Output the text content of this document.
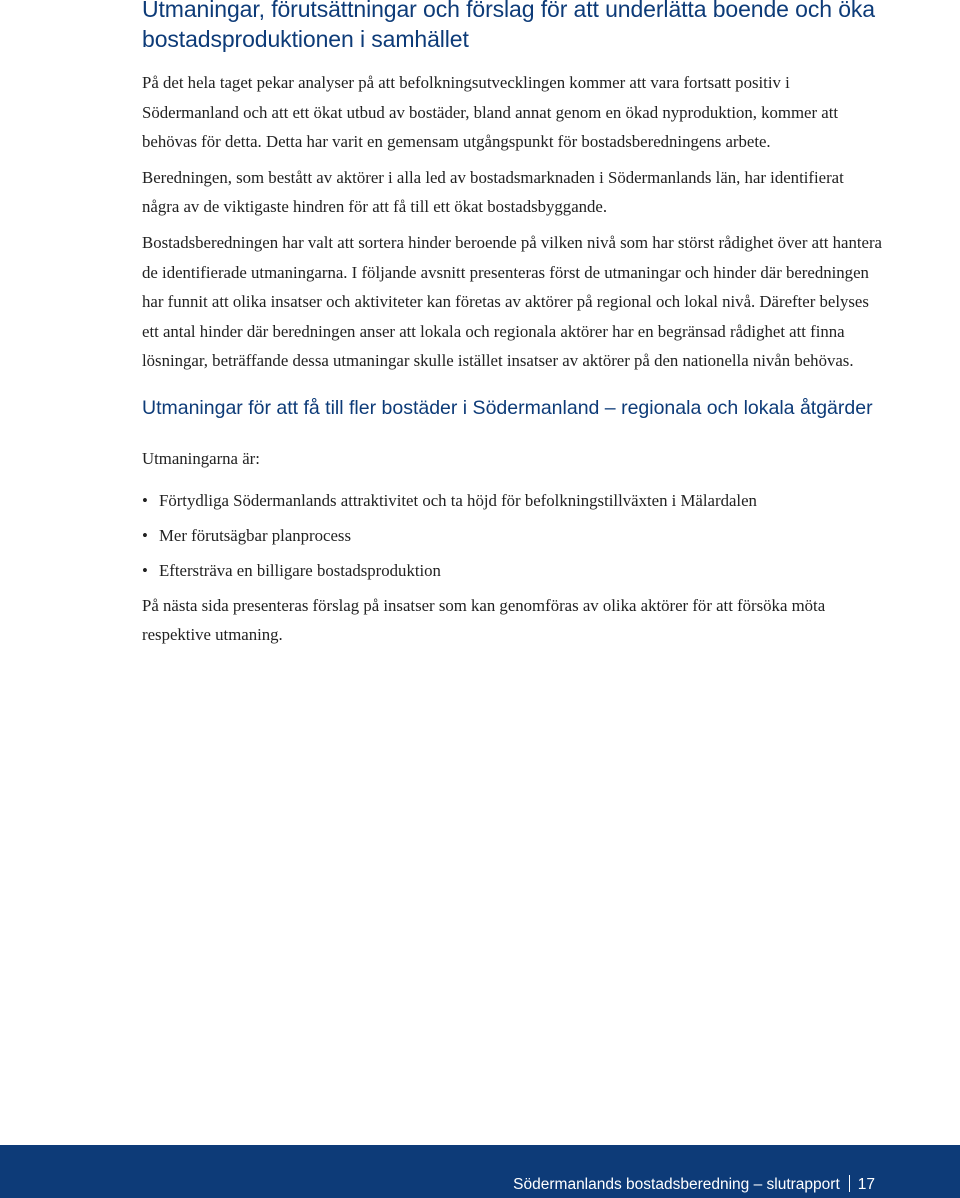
Utmaningar, förutsättningar och förslag för att underlätta boende och öka bostadsproduktionen i samhället

På det hela taget pekar analyser på att befolkningsutvecklingen kommer att vara fortsatt positiv i Södermanland och att ett ökat utbud av bostäder, bland annat genom en ökad nyproduktion, kommer att behövas för detta. Detta har varit en gemensam utgångspunkt för bostadsberedningens arbete.

Beredningen, som bestått av aktörer i alla led av bostadsmarknaden i Södermanlands län, har identifierat några av de viktigaste hindren för att få till ett ökat bostadsbyggande.

Bostadsberedningen har valt att sortera hinder beroende på vilken nivå som har störst rådighet över att hantera de identifierade utmaningarna. I följande avsnitt presenteras först de utmaningar och hinder där beredningen har funnit att olika insatser och aktiviteter kan företas av aktörer på regional och lokal nivå. Därefter belyses ett antal hinder där beredningen anser att lokala och regionala aktörer har en begränsad rådighet att finna lösningar, beträffande dessa utmaningar skulle istället insatser av aktörer på den nationella nivån behövas.

Utmaningar för att få till fler bostäder i Södermanland – regionala och lokala åtgärder

Utmaningarna är:

• Förtydliga Södermanlands attraktivitet och ta höjd för befolkningstillväxten i Mälardalen
• Mer förutsägbar planprocess
• Eftersträva en billigare bostadsproduktion

På nästa sida presenteras förslag på insatser som kan genomföras av olika aktörer för att försöka möta respektive utmaning.

Södermanlands bostadsberedning – slutrapport 17
